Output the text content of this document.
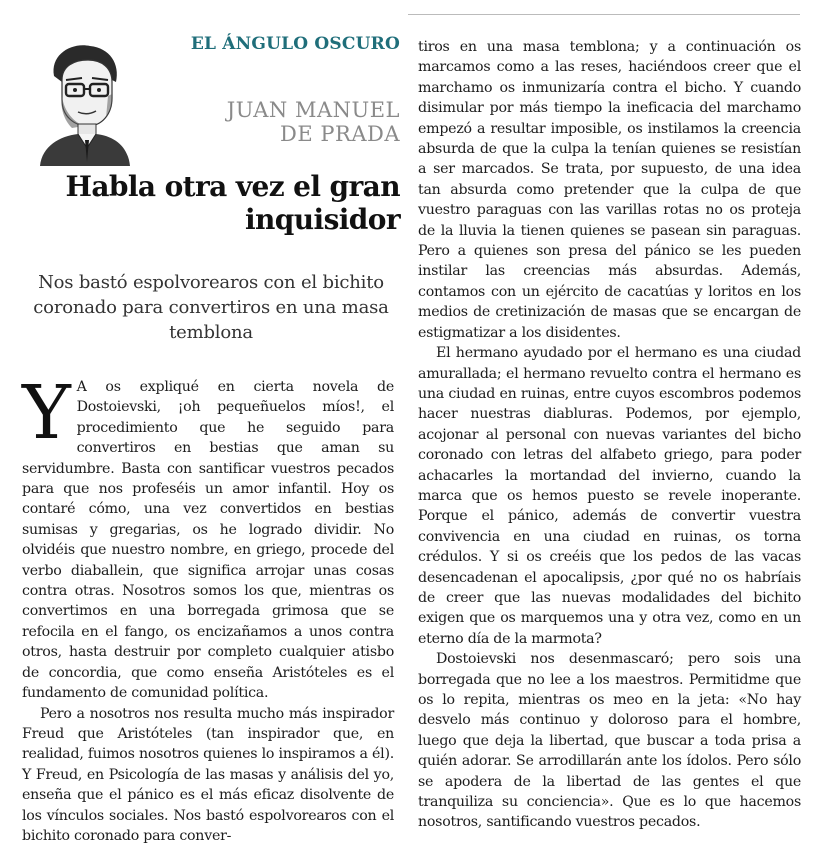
EL ÁNGULO OSCURO
JUAN MANUEL
DE PRADA
Habla otra vez el gran
inquisidor
Nos bastó espolvorearos con el bichito coronado para convertiros en una masa temblona

Y A os expliqué en cierta novela de Dostoievski, ¡oh pequeñuelos míos!, el procedimiento que he seguido para convertiros en bestias que aman su servidumbre. Basta con santificar vuestros pecados para que nos profeséis un amor infantil. Hoy os contaré cómo, una vez convertidos en bestias sumisas y gregarias, os he logrado dividir. No olvidéis que nuestro nombre, en griego, procede del verbo diaballein, que significa arrojar unas cosas contra otras. Nosotros somos los que, mientras os convertimos en una borregada grimosa que se refocila en el fango, os encizañamos a unos contra otros, hasta destruir por completo cualquier atisbo de concordia, que como enseña Aristóteles es el fundamento de comunidad política.

Pero a nosotros nos resulta mucho más inspirador Freud que Aristóteles (tan inspirador que, en realidad, fuimos nosotros quienes lo inspiramos a él). Y Freud, en Psicología de las masas y análisis del yo, enseña que el pánico es el más eficaz disolvente de los vínculos sociales. Nos bastó espolvorearos con el bichito coronado para conver-

tiros en una masa temblona; y a continuación os marcamos como a las reses, haciéndoos creer que el marchamo os inmunizaría contra el bicho. Y cuando disimular por más tiempo la ineficacia del marchamo empezó a resultar imposible, os instilamos la creencia absurda de que la culpa la tenían quienes se resistían a ser marcados. Se trata, por supuesto, de una idea tan absurda como pretender que la culpa de que vuestro paraguas con las varillas rotas no os proteja de la lluvia la tienen quienes se pasean sin paraguas. Pero a quienes son presa del pánico se les pueden instilar las creencias más absurdas. Además, contamos con un ejército de cacatúas y loritos en los medios de cretinización de masas que se encargan de estigmatizar a los disidentes.

El hermano ayudado por el hermano es una ciudad amurallada; el hermano revuelto contra el hermano es una ciudad en ruinas, entre cuyos escombros podemos hacer nuestras diabluras. Podemos, por ejemplo, acojonar al personal con nuevas variantes del bicho coronado con letras del alfabeto griego, para poder achacarles la mortandad del invierno, cuando la marca que os hemos puesto se revele inoperante. Porque el pánico, además de convertir vuestra convivencia en una ciudad en ruinas, os torna crédulos. Y si os creéis que los pedos de las vacas desencadenan el apocalipsis, ¿por qué no os habríais de creer que las nuevas modalidades del bichito exigen que os marquemos una y otra vez, como en un eterno día de la marmota?

Dostoievski nos desenmascaró; pero sois una borregada que no lee a los maestros. Permitidme que os lo repita, mientras os meo en la jeta: «No hay desvelo más continuo y doloroso para el hombre, luego que deja la libertad, que buscar a toda prisa a quién adorar. Se arrodillarán ante los ídolos. Pero sólo se apodera de la libertad de las gentes el que tranquiliza su conciencia». Que es lo que hacemos nosotros, santificando vuestros pecados.
